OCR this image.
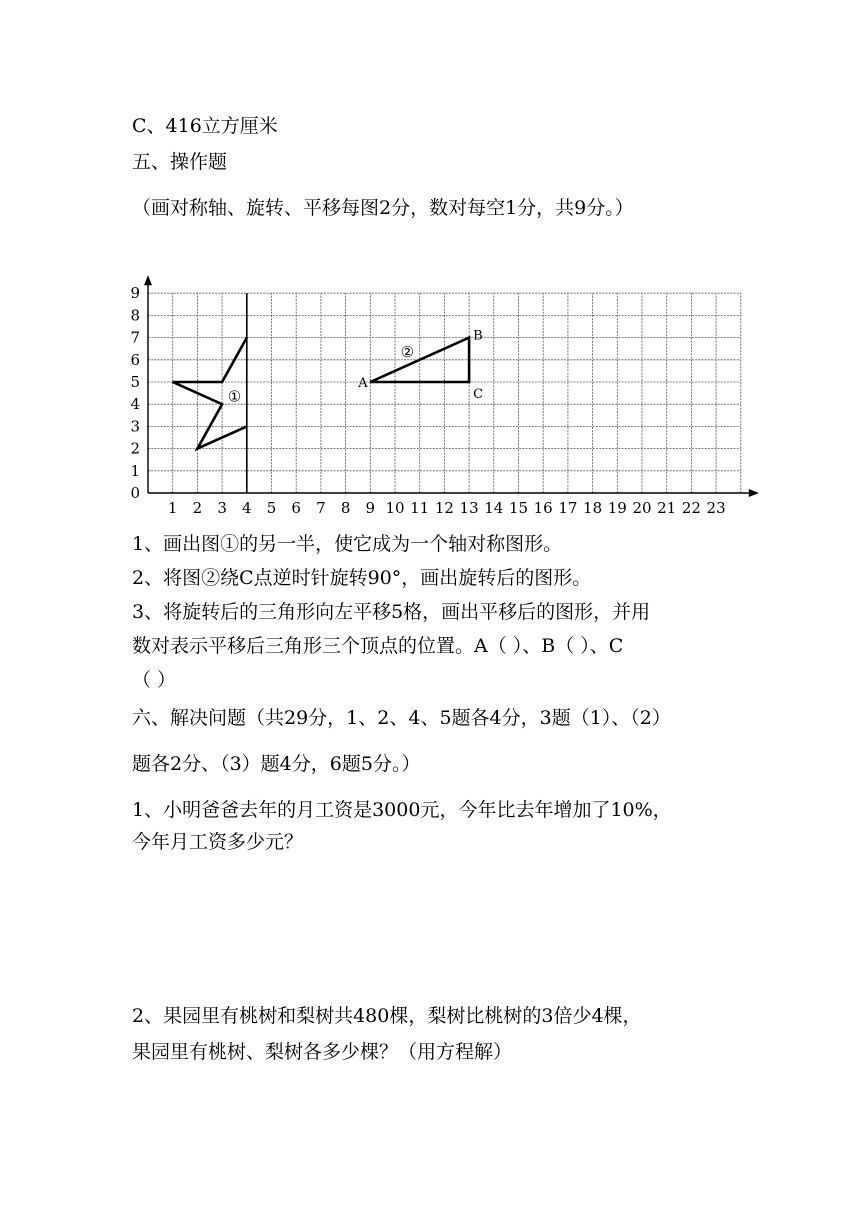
C、416立方厘米

五、操作题

（画对称轴、旋转、平移每图2分，数对每空1分，共9分。）

1 2 3 4 5 6 7 8 9 10 11 12 13 14 15 16 17 18 19 20 21 22 23
0
1
2
3
4
5
6
7
8
9
①
②
A
B
C

1、画出图①的另一半，使它成为一个轴对称图形。

2、将图②绕C点逆时针旋转90°，画出旋转后的图形。

3、将旋转后的三角形向左平移5格，画出平移后的图形，并用

数对表示平移后三角形三个顶点的位置。A（ ）、B（ ）、C

（ ）

六、解决问题（共29分，1、2、4、5题各4分，3题（1）、（2）

题各2分、（3）题4分，6题5分。）

1、小明爸爸去年的月工资是3000元，今年比去年增加了10%，

今年月工资多少元？

2、果园里有桃树和梨树共480棵，梨树比桃树的3倍少4棵，

果园里有桃树、梨树各多少棵？（用方程解）
